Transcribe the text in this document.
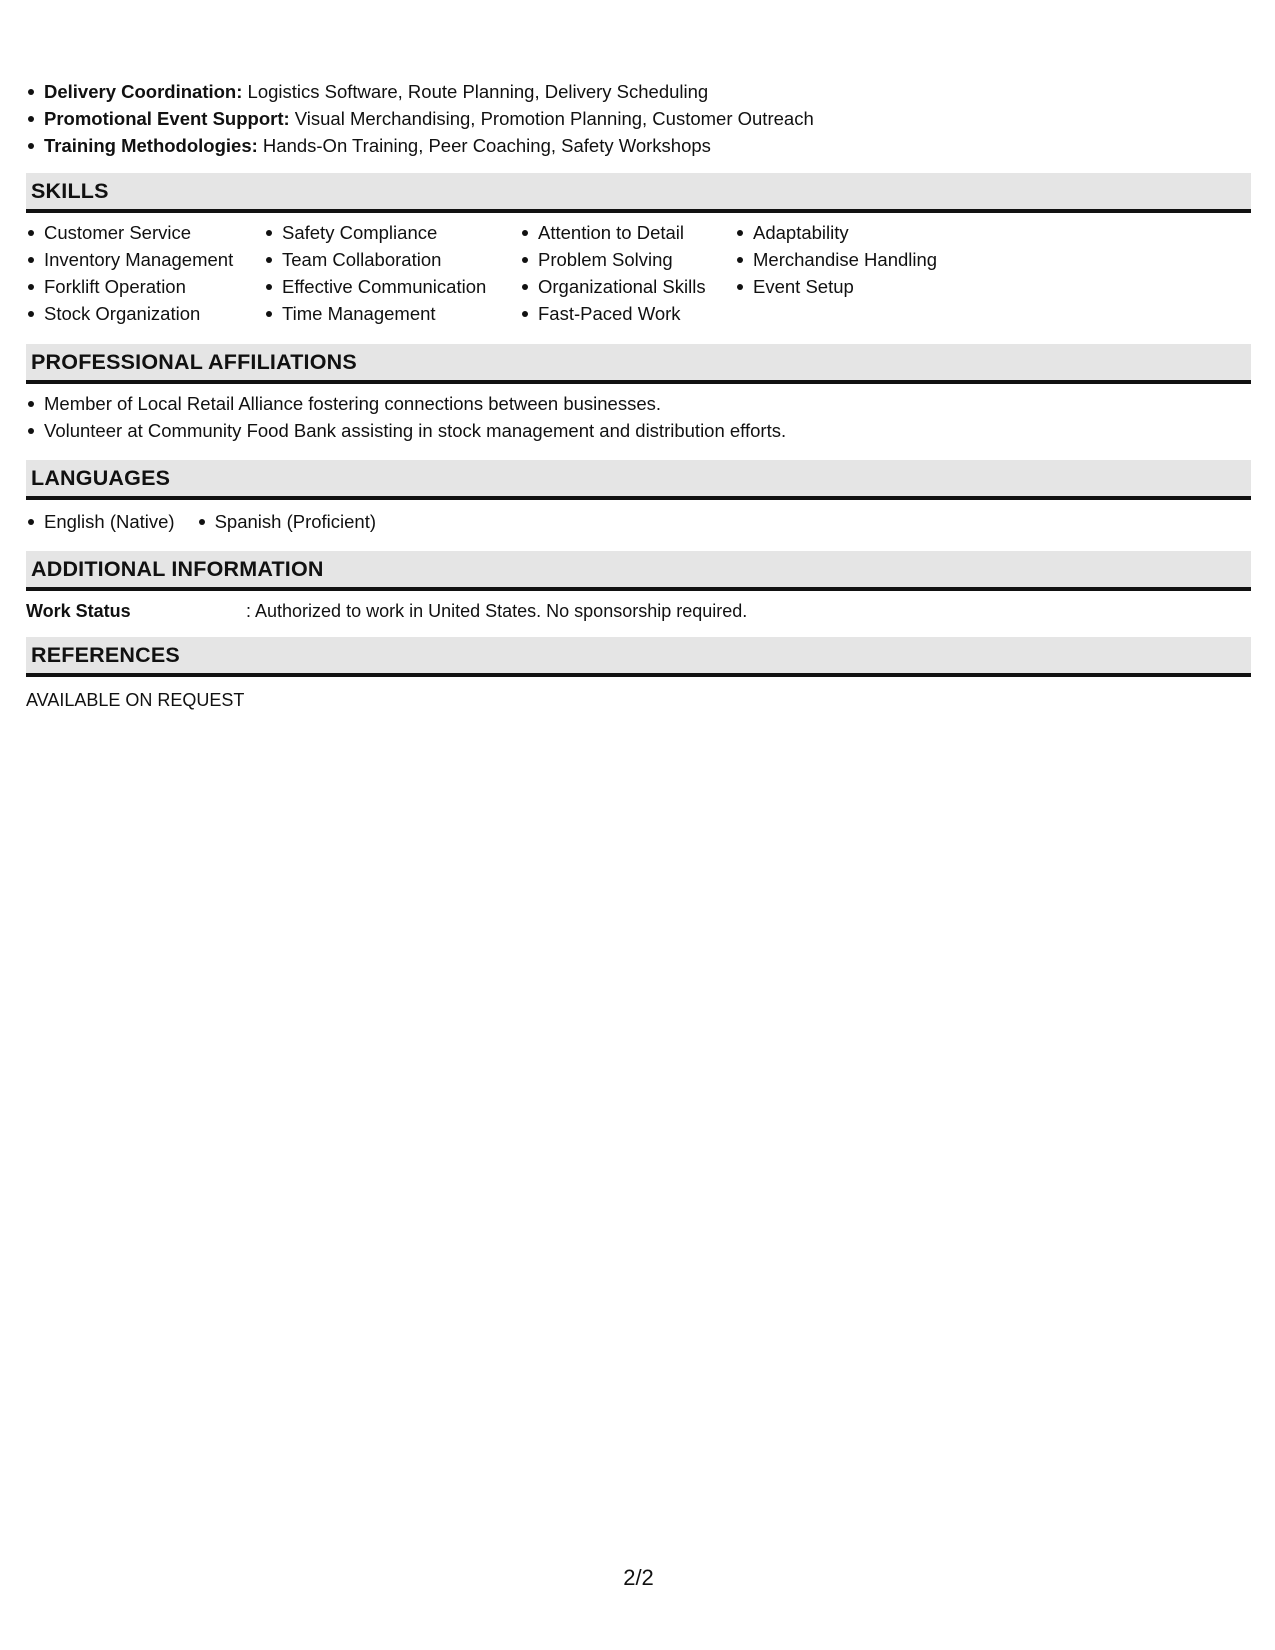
Delivery Coordination: Logistics Software, Route Planning, Delivery Scheduling
Promotional Event Support: Visual Merchandising, Promotion Planning, Customer Outreach
Training Methodologies: Hands-On Training, Peer Coaching, Safety Workshops
SKILLS
Customer Service
Inventory Management
Forklift Operation
Stock Organization
Safety Compliance
Team Collaboration
Effective Communication
Time Management
Attention to Detail
Problem Solving
Organizational Skills
Fast-Paced Work
Adaptability
Merchandise Handling
Event Setup
PROFESSIONAL AFFILIATIONS
Member of Local Retail Alliance fostering connections between businesses.
Volunteer at Community Food Bank assisting in stock management and distribution efforts.
LANGUAGES
English (Native)	Spanish (Proficient)
ADDITIONAL INFORMATION
Work Status	: Authorized to work in United States. No sponsorship required.
REFERENCES
AVAILABLE ON REQUEST
2/2
